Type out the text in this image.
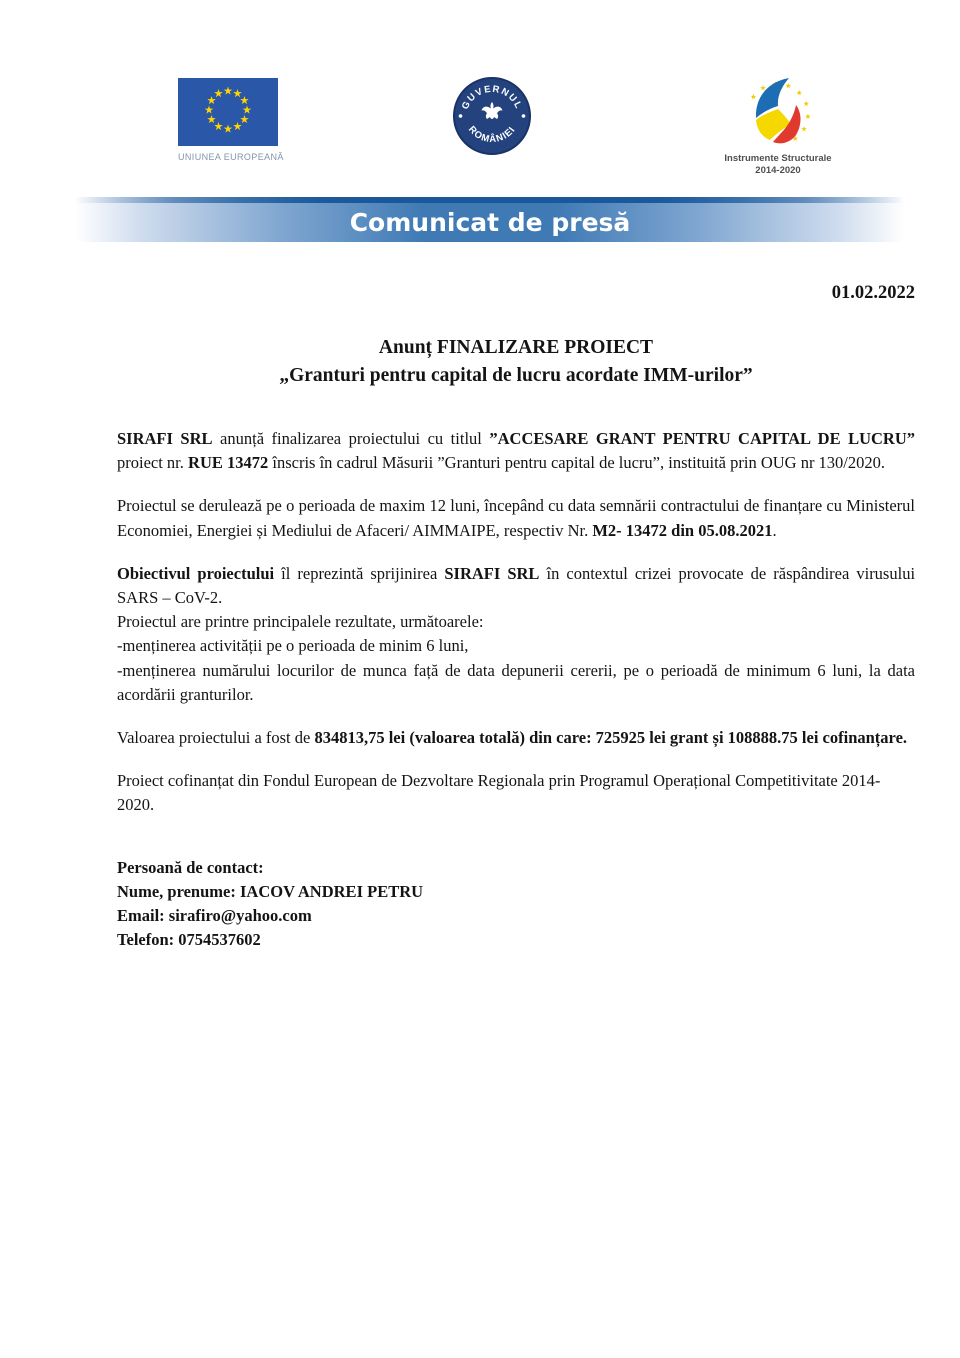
UNIUNEA EUROPEANĂ
GUVERNUL
ROMÂNIEI
Instrumente Structurale
2014-2020
Comunicat de presă
01.02.2022
Anunț FINALIZARE PROIECT
„Granturi pentru capital de lucru acordate IMM-urilor”

SIRAFI SRL anunță finalizarea proiectului cu titlul ”ACCESARE GRANT PENTRU CAPITAL DE LUCRU” proiect nr. RUE 13472 înscris în cadrul Măsurii ”Granturi pentru capital de lucru”, instituită prin OUG nr 130/2020.

Proiectul se derulează pe o perioada de maxim 12 luni, începând cu data semnării contractului de finanțare cu Ministerul Economiei, Energiei și Mediului de Afaceri/ AIMMAIPE, respectiv Nr. M2- 13472 din 05.08.2021.

Obiectivul proiectului îl reprezintă sprijinirea SIRAFI SRL în contextul crizei provocate de răspândirea virusului SARS – CoV-2.

Proiectul are printre principalele rezultate, următoarele:

-menținerea activității pe o perioada de minim 6 luni,

-menținerea numărului locurilor de munca față de data depunerii cererii, pe o perioadă de minimum 6 luni, la data acordării granturilor.

Valoarea proiectului a fost de 834813,75 lei (valoarea totală) din care: 725925 lei grant și 108888.75 lei cofinanțare.

Proiect cofinanțat din Fondul European de Dezvoltare Regionala prin Programul Operațional Competitivitate 2014-2020.

Persoană de contact:
Nume, prenume: IACOV ANDREI PETRU
Email: sirafiro@yahoo.com
Telefon: 0754537602
